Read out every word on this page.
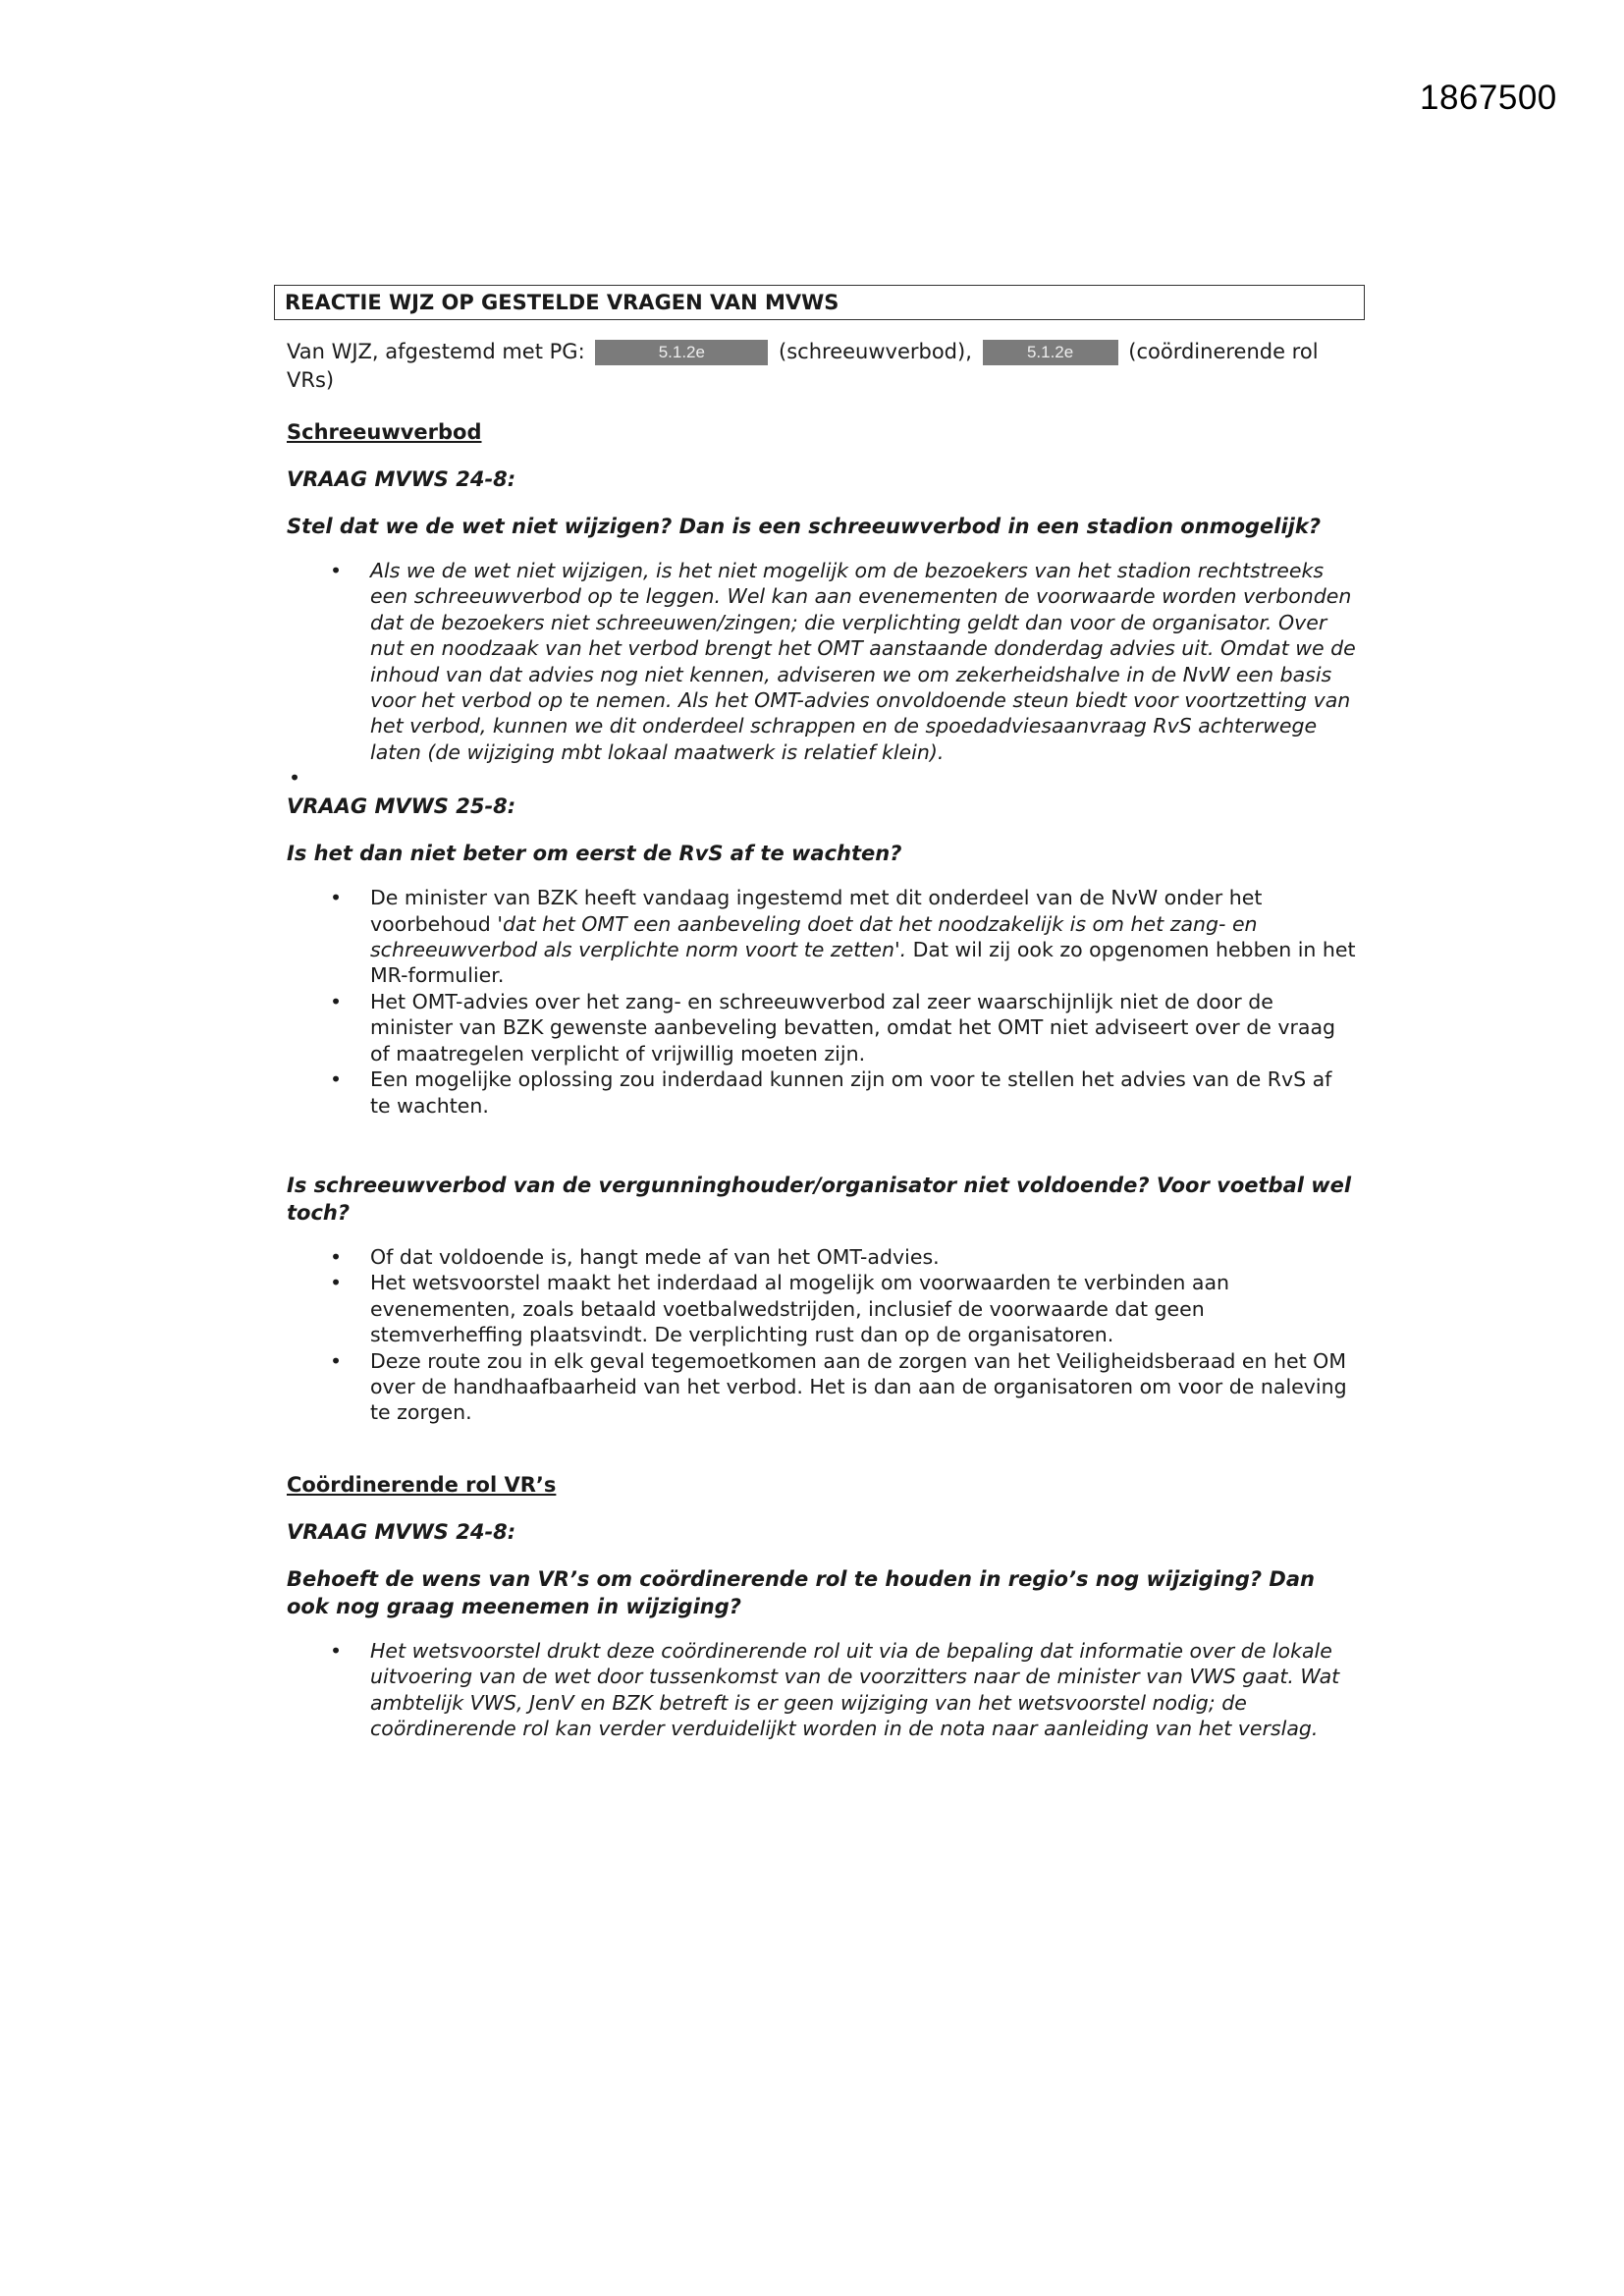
1867500
REACTIE WJZ OP GESTELDE VRAGEN VAN MVWS
Van WJZ, afgestemd met PG:	5.1.2e	(schreeuwverbod),	5.1.2e	(coördinerende rol VRs)
Schreeuwverbod
VRAAG MVWS 24-8:
Stel dat we de wet niet wijzigen? Dan is een schreeuwverbod in een stadion onmogelijk?
• Als we de wet niet wijzigen, is het niet mogelijk om de bezoekers van het stadion rechtstreeks een schreeuwverbod op te leggen. Wel kan aan evenementen de voorwaarde worden verbonden dat de bezoekers niet schreeuwen/zingen; die verplichting geldt dan voor de organisator. Over nut en noodzaak van het verbod brengt het OMT aanstaande donderdag advies uit. Omdat we de inhoud van dat advies nog niet kennen, adviseren we om zekerheidshalve in de NvW een basis voor het verbod op te nemen. Als het OMT-advies onvoldoende steun biedt voor voortzetting van het verbod, kunnen we dit onderdeel schrappen en de spoedadviesaanvraag RvS achterwege laten (de wijziging mbt lokaal maatwerk is relatief klein).
•
VRAAG MVWS 25-8:
Is het dan niet beter om eerst de RvS af te wachten?
• De minister van BZK heeft vandaag ingestemd met dit onderdeel van de NvW onder het voorbehoud 'dat het OMT een aanbeveling doet dat het noodzakelijk is om het zang- en schreeuwverbod als verplichte norm voort te zetten'. Dat wil zij ook zo opgenomen hebben in het MR-formulier.
• Het OMT-advies over het zang- en schreeuwverbod zal zeer waarschijnlijk niet de door de minister van BZK gewenste aanbeveling bevatten, omdat het OMT niet adviseert over de vraag of maatregelen verplicht of vrijwillig moeten zijn.
• Een mogelijke oplossing zou inderdaad kunnen zijn om voor te stellen het advies van de RvS af te wachten.
Is schreeuwverbod van de vergunninghouder/organisator niet voldoende? Voor voetbal wel toch?
• Of dat voldoende is, hangt mede af van het OMT-advies.
• Het wetsvoorstel maakt het inderdaad al mogelijk om voorwaarden te verbinden aan evenementen, zoals betaald voetbalwedstrijden, inclusief de voorwaarde dat geen stemverheffing plaatsvindt. De verplichting rust dan op de organisatoren.
• Deze route zou in elk geval tegemoetkomen aan de zorgen van het Veiligheidsberaad en het OM over de handhaafbaarheid van het verbod. Het is dan aan de organisatoren om voor de naleving te zorgen.
Coördinerende rol VR’s
VRAAG MVWS 24-8:
Behoeft de wens van VR’s om coördinerende rol te houden in regio’s nog wijziging? Dan ook nog graag meenemen in wijziging?
• Het wetsvoorstel drukt deze coördinerende rol uit via de bepaling dat informatie over de lokale uitvoering van de wet door tussenkomst van de voorzitters naar de minister van VWS gaat. Wat ambtelijk VWS, JenV en BZK betreft is er geen wijziging van het wetsvoorstel nodig; de coördinerende rol kan verder verduidelijkt worden in de nota naar aanleiding van het verslag.
